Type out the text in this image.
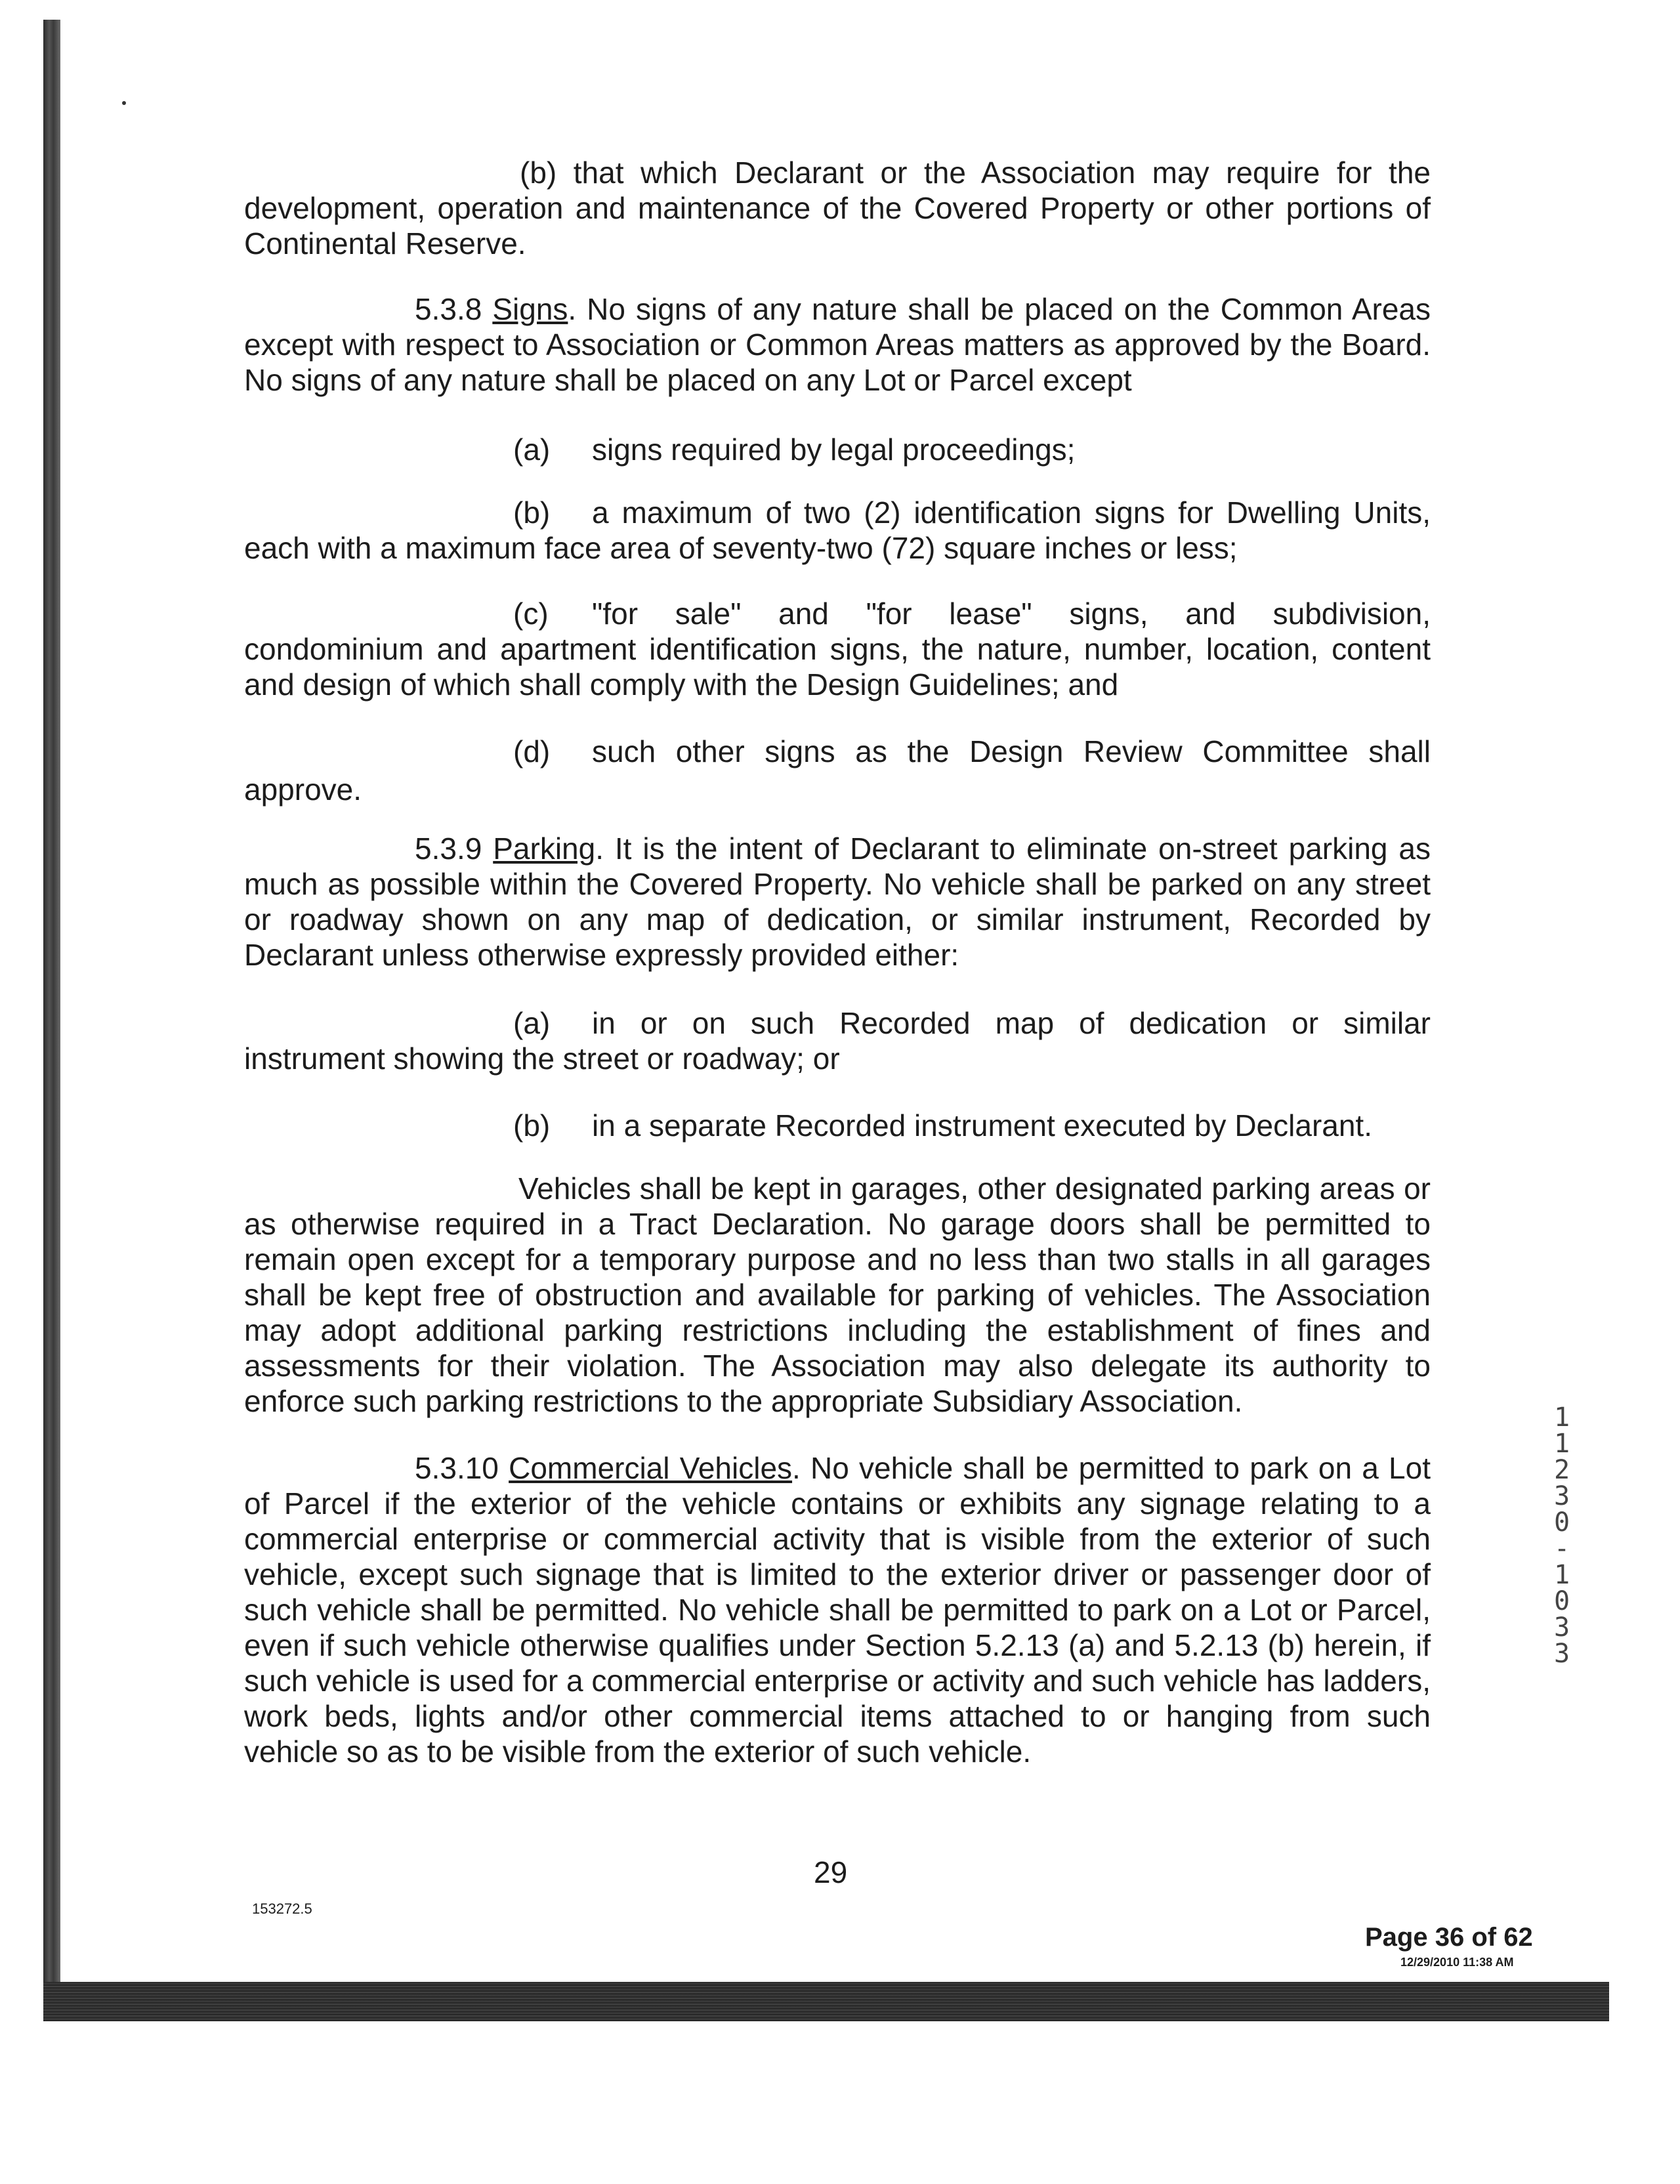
(b) that which Declarant or the Association may require for the development, operation and maintenance of the Covered Property or other portions of Continental Reserve.

5.3.8 Signs. No signs of any nature shall be placed on the Common Areas except with respect to Association or Common Areas matters as approved by the Board. No signs of any nature shall be placed on any Lot or Parcel except

(a) signs required by legal proceedings;

(b) a maximum of two (2) identification signs for Dwelling Units,

each with a maximum face area of seventy-two (72) square inches or less;

(c) "for sale" and "for lease" signs, and subdivision,

condominium and apartment identification signs, the nature, number, location, content and design of which shall comply with the Design Guidelines; and

(d) such other signs as the Design Review Committee shall

approve.

5.3.9 Parking. It is the intent of Declarant to eliminate on-street parking as much as possible within the Covered Property. No vehicle shall be parked on any street or roadway shown on any map of dedication, or similar instrument, Recorded by Declarant unless otherwise expressly provided either:

(a) in or on such Recorded map of dedication or similar

instrument showing the street or roadway; or

(b) in a separate Recorded instrument executed by Declarant.

Vehicles shall be kept in garages, other designated parking areas or as otherwise required in a Tract Declaration. No garage doors shall be permitted to remain open except for a temporary purpose and no less than two stalls in all garages shall be kept free of obstruction and available for parking of vehicles. The Association may adopt additional parking restrictions including the establishment of fines and assessments for their violation. The Association may also delegate its authority to enforce such parking restrictions to the appropriate Subsidiary Association.

5.3.10 Commercial Vehicles. No vehicle shall be permitted to park on a Lot of Parcel if the exterior of the vehicle contains or exhibits any signage relating to a commercial enterprise or commercial activity that is visible from the exterior of such vehicle, except such signage that is limited to the exterior driver or passenger door of such vehicle shall be permitted. No vehicle shall be permitted to park on a Lot or Parcel, even if such vehicle otherwise qualifies under Section 5.2.13 (a) and 5.2.13 (b) herein, if such vehicle is used for a commercial enterprise or activity and such vehicle has ladders, work beds, lights and/or other commercial items attached to or hanging from such vehicle so as to be visible from the exterior of such vehicle.

29
153272.5
Page 36 of 62
12/29/2010 11:38 AM
1
1
2
3
0
-
1
0
3
3
